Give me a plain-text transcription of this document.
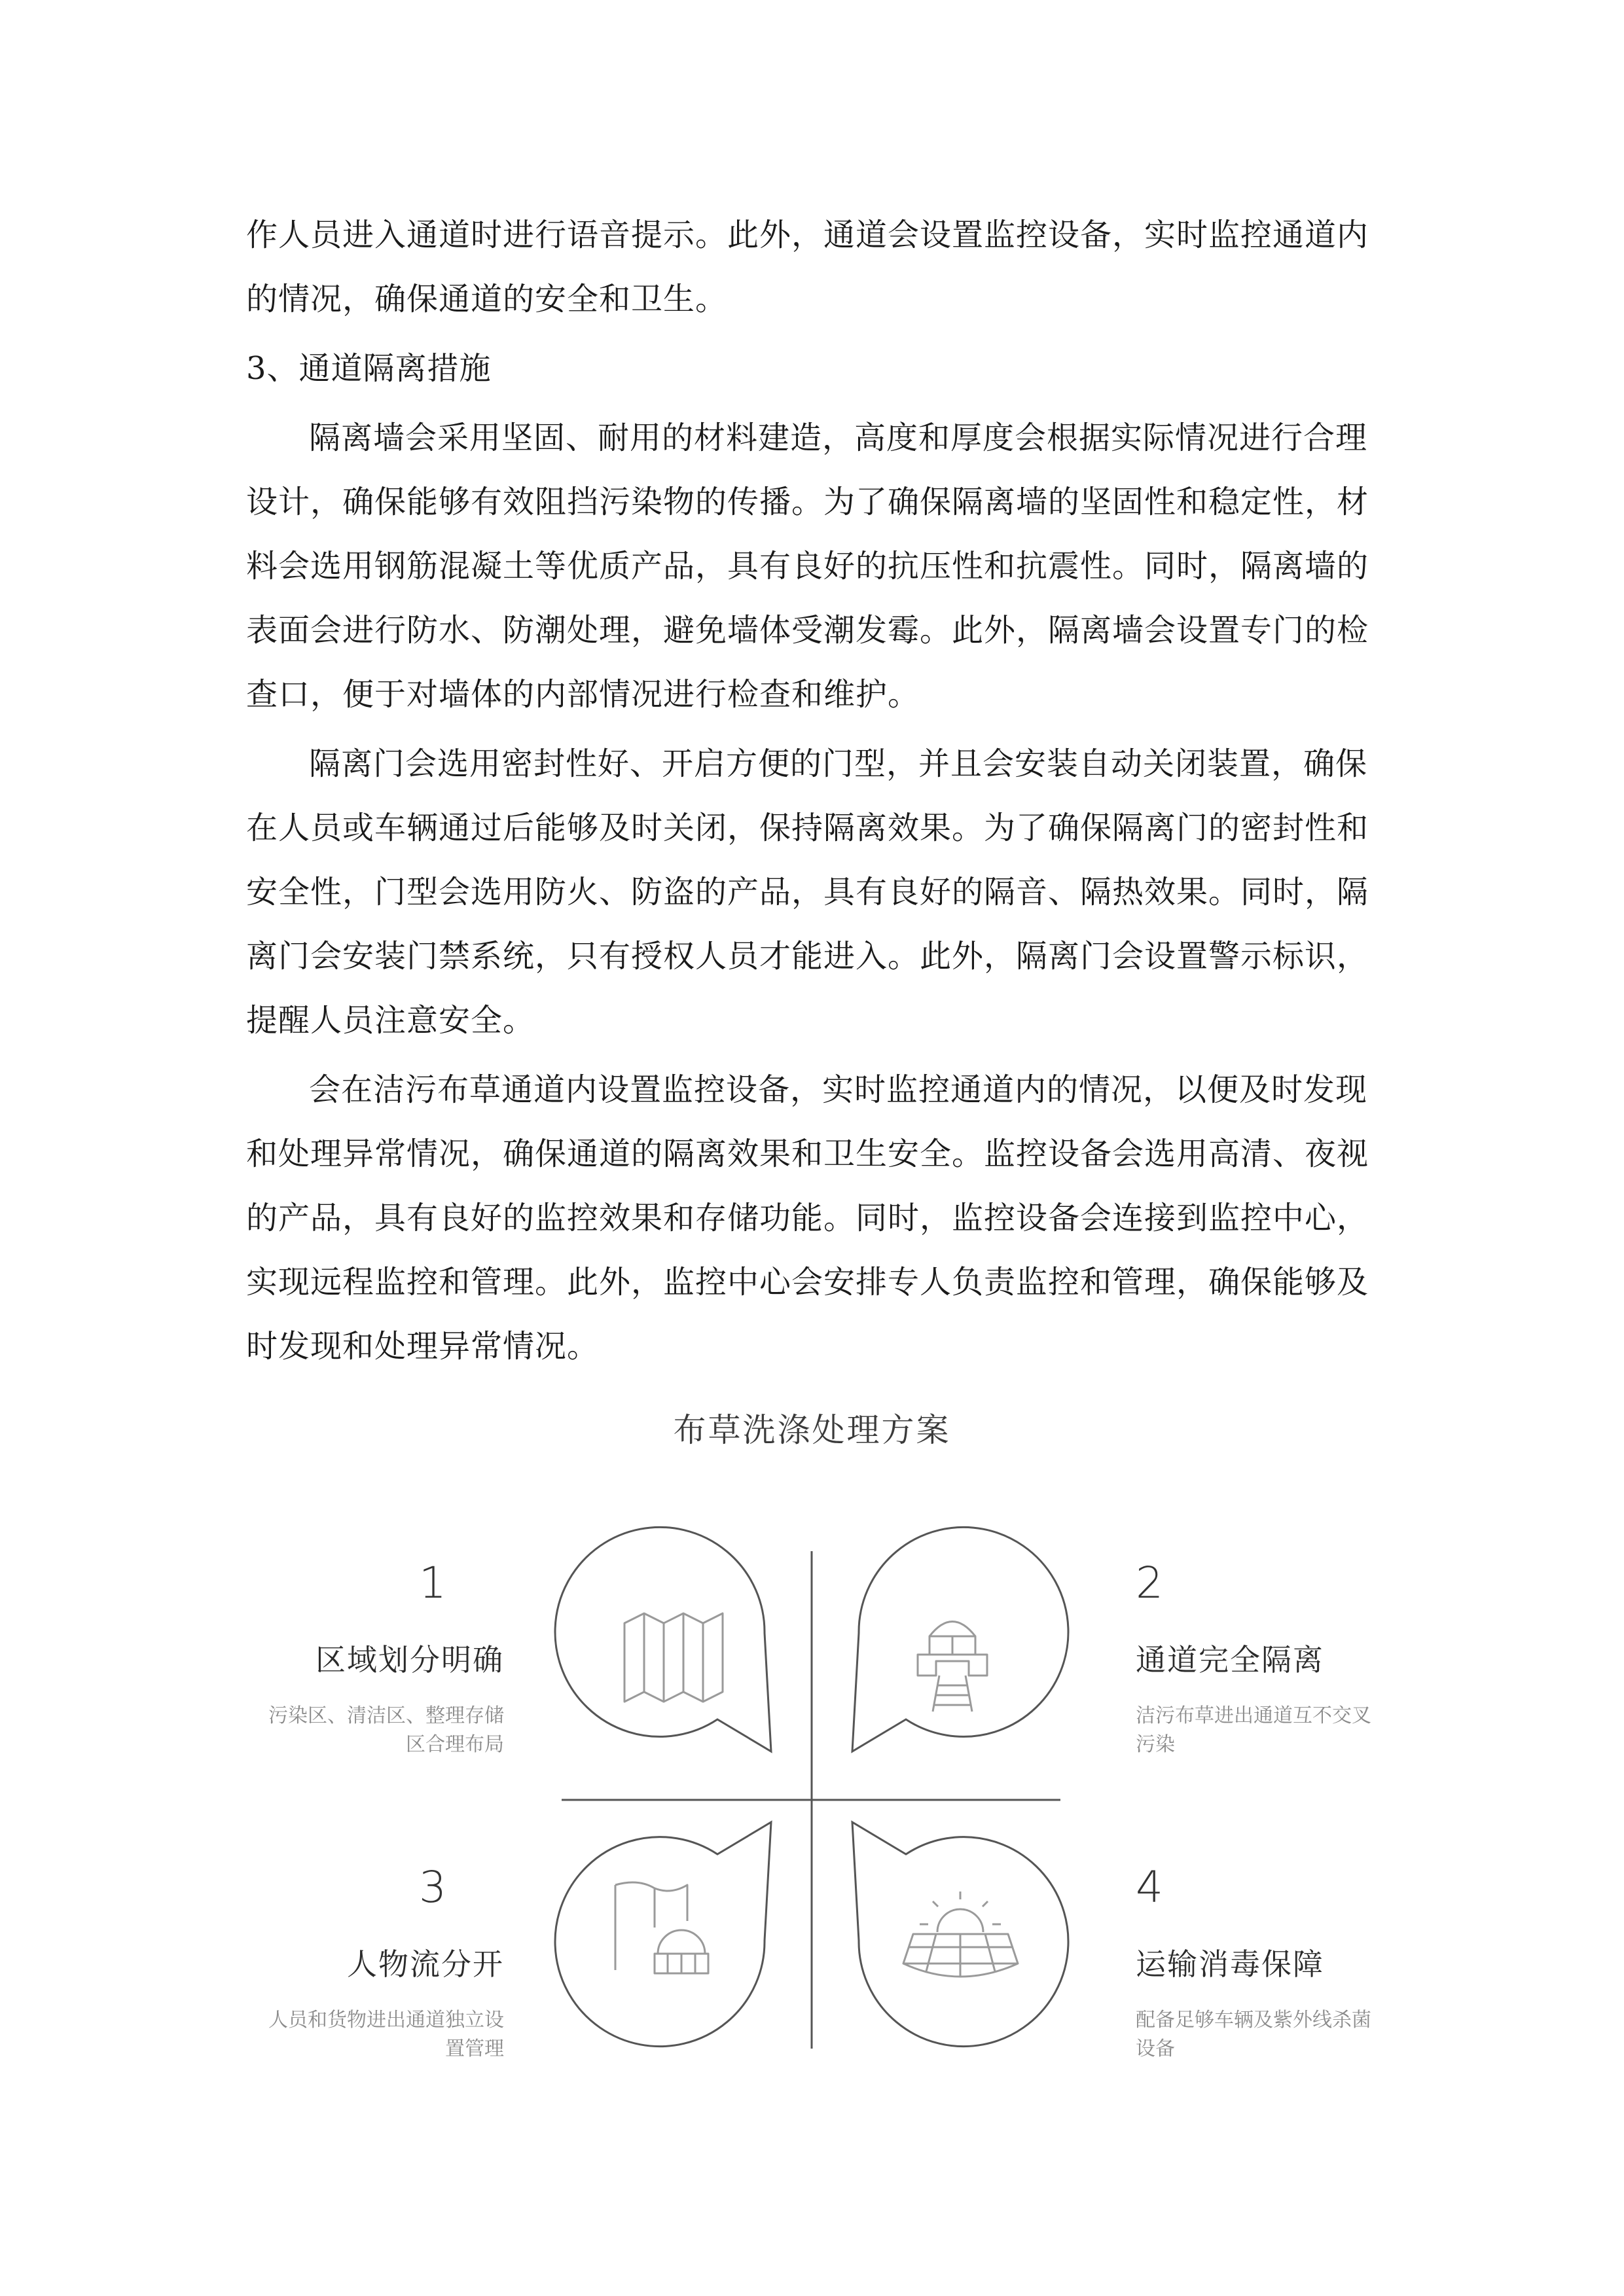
作人员进入通道时进行语音提示。此外，通道会设置监控设备，实时监控通道内的情况，确保通道的安全和卫生。

3、通道隔离措施

隔离墙会采用坚固、耐用的材料建造，高度和厚度会根据实际情况进行合理设计，确保能够有效阻挡污染物的传播。为了确保隔离墙的坚固性和稳定性，材料会选用钢筋混凝土等优质产品，具有良好的抗压性和抗震性。同时，隔离墙的表面会进行防水、防潮处理，避免墙体受潮发霉。此外，隔离墙会设置专门的检查口，便于对墙体的内部情况进行检查和维护。

隔离门会选用密封性好、开启方便的门型，并且会安装自动关闭装置，确保在人员或车辆通过后能够及时关闭，保持隔离效果。为了确保隔离门的密封性和安全性，门型会选用防火、防盗的产品，具有良好的隔音、隔热效果。同时，隔离门会安装门禁系统，只有授权人员才能进入。此外，隔离门会设置警示标识，提醒人员注意安全。

会在洁污布草通道内设置监控设备，实时监控通道内的情况，以便及时发现和处理异常情况，确保通道的隔离效果和卫生安全。监控设备会选用高清、夜视的产品，具有良好的监控效果和存储功能。同时，监控设备会连接到监控中心，实现远程监控和管理。此外，监控中心会安排专人负责监控和管理，确保能够及时发现和处理异常情况。

布草洗涤处理方案
1
区域划分明确
污染区、清洁区、整理存储区合理布局
2
通道完全隔离
洁污布草进出通道互不交叉污染
3
人物流分开
人员和货物进出通道独立设置管理
4
运输消毒保障
配备足够车辆及紫外线杀菌设备
